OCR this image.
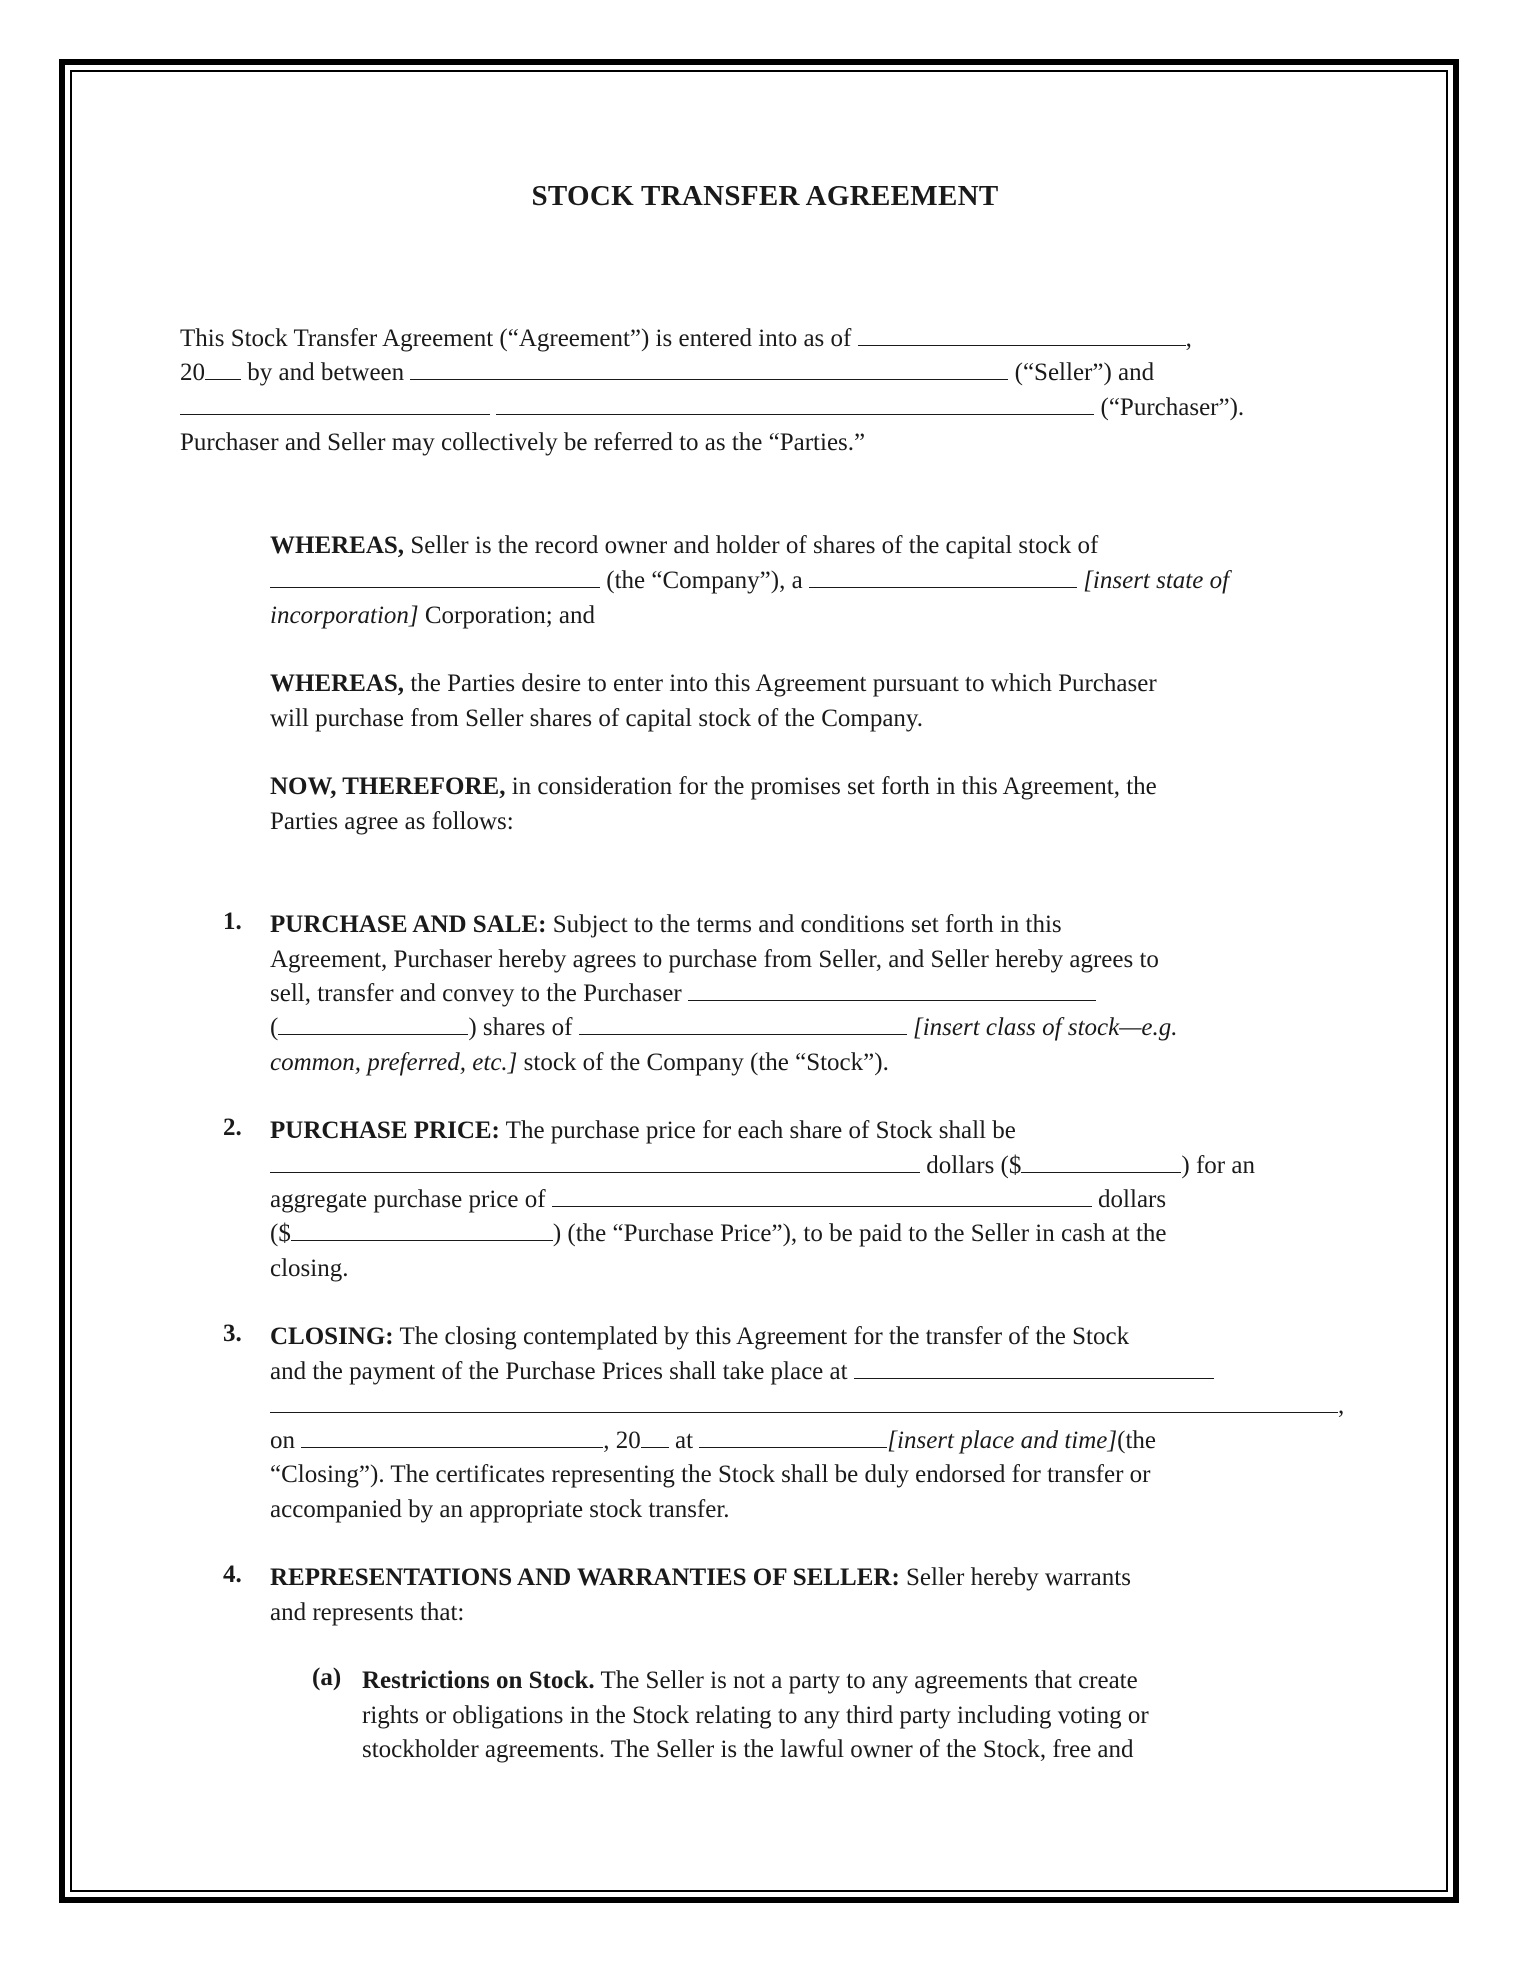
STOCK TRANSFER AGREEMENT
This Stock Transfer Agreement (“Agreement”) is entered into as of	,
20 by and between	(“Seller”) and
(“Purchaser”).
Purchaser and Seller may collectively be referred to as the “Parties.”
WHEREAS, Seller is the record owner and holder of shares of the capital stock of
(the “Company”), a	[insert state of
incorporation] Corporation; and
WHEREAS, the Parties desire to enter into this Agreement pursuant to which Purchaser
will purchase from Seller shares of capital stock of the Company.
NOW, THEREFORE, in consideration for the promises set forth in this Agreement, the
Parties agree as follows:
1. PURCHASE AND SALE: Subject to the terms and conditions set forth in this
Agreement, Purchaser hereby agrees to purchase from Seller, and Seller hereby agrees to
sell, transfer and convey to the Purchaser
(	) shares of	[insert class of stock—e.g.
common, preferred, etc.] stock of the Company (the “Stock”).
2. PURCHASE PRICE: The purchase price for each share of Stock shall be
dollars ($	) for an
aggregate purchase price of	dollars
($	) (the “Purchase Price”), to be paid to the Seller in cash at the
closing.
3. CLOSING: The closing contemplated by this Agreement for the transfer of the Stock
and the payment of the Purchase Prices shall take place at
,
on	, 20 at	[insert place and time](the
“Closing”). The certificates representing the Stock shall be duly endorsed for transfer or
accompanied by an appropriate stock transfer.
4. REPRESENTATIONS AND WARRANTIES OF SELLER: Seller hereby warrants
and represents that:
(a) Restrictions on Stock. The Seller is not a party to any agreements that create
rights or obligations in the Stock relating to any third party including voting or
stockholder agreements. The Seller is the lawful owner of the Stock, free and
